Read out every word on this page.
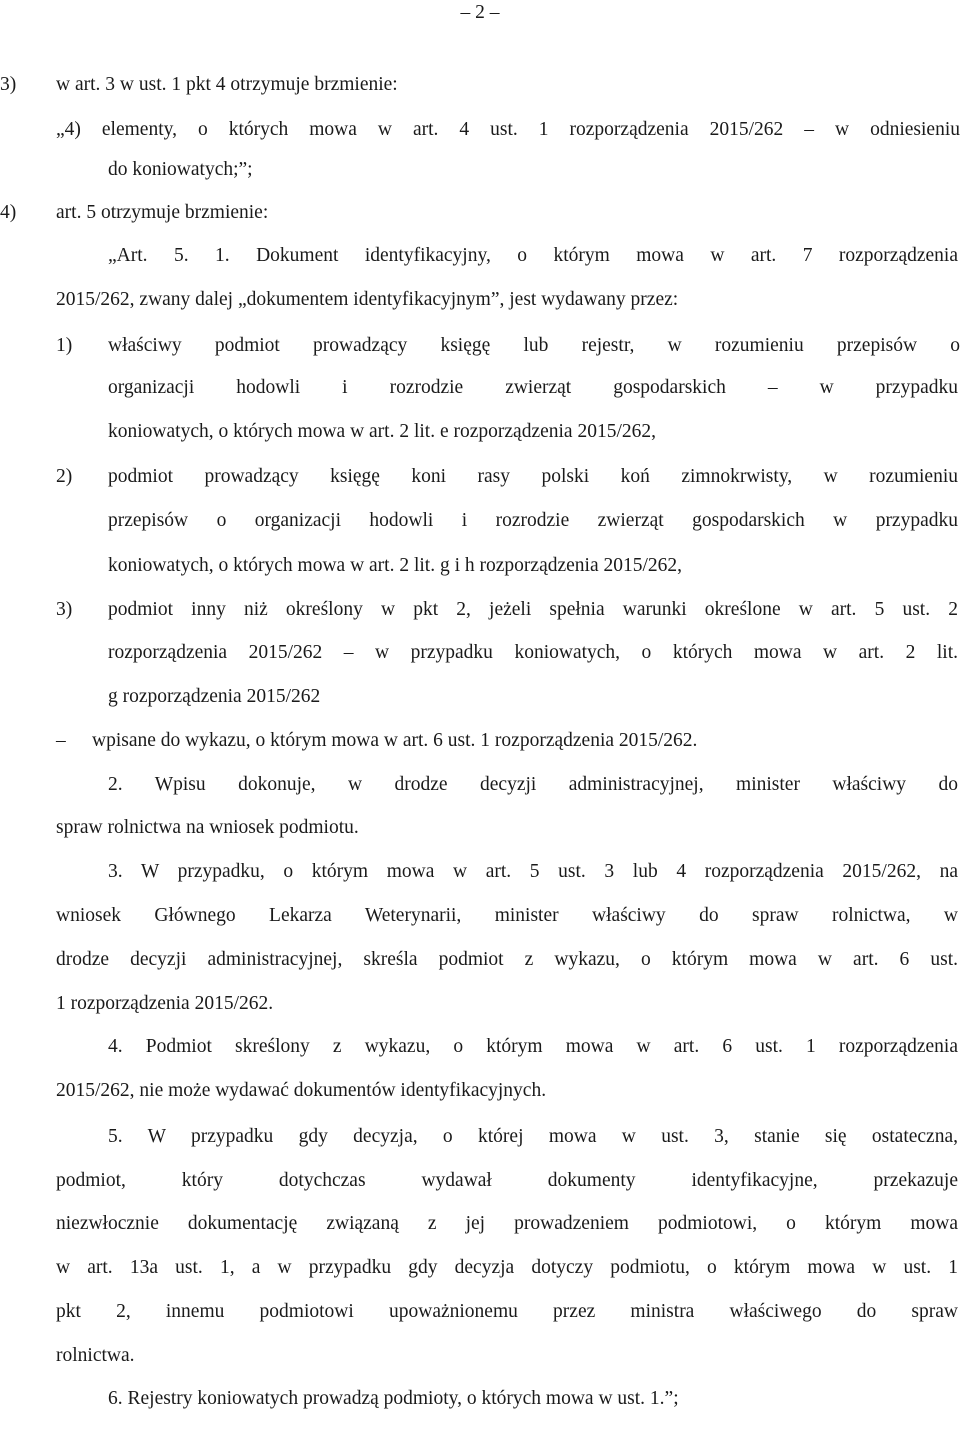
– 2 –
3) w art. 3 w ust. 1 pkt 4 otrzymuje brzmienie:
„4) elementy, o których mowa w art. 4 ust. 1 rozporządzenia 2015/262 – w odniesieniu
do koniowatych;”;
4) art. 5 otrzymuje brzmienie:
„Art. 5. 1. Dokument identyfikacyjny, o którym mowa w art. 7 rozporządzenia
2015/262, zwany dalej „dokumentem identyfikacyjnym”, jest wydawany przez:
1) właściwy podmiot prowadzący księgę lub rejestr, w rozumieniu przepisów o
organizacji hodowli i rozrodzie zwierząt gospodarskich – w przypadku
koniowatych, o których mowa w art. 2 lit. e rozporządzenia 2015/262,
2) podmiot prowadzący księgę koni rasy polski koń zimnokrwisty, w rozumieniu
przepisów o organizacji hodowli i rozrodzie zwierząt gospodarskich w przypadku
koniowatych, o których mowa w art. 2 lit. g i h rozporządzenia 2015/262,
3) podmiot inny niż określony w pkt 2, jeżeli spełnia warunki określone w art. 5 ust. 2
rozporządzenia 2015/262 – w przypadku koniowatych, o których mowa w art. 2 lit.
g rozporządzenia 2015/262
– wpisane do wykazu, o którym mowa w art. 6 ust. 1 rozporządzenia 2015/262.
2. Wpisu dokonuje, w drodze decyzji administracyjnej, minister właściwy do
spraw rolnictwa na wniosek podmiotu.
3. W przypadku, o którym mowa w art. 5 ust. 3 lub 4 rozporządzenia 2015/262, na
wniosek Głównego Lekarza Weterynarii, minister właściwy do spraw rolnictwa, w
drodze decyzji administracyjnej, skreśla podmiot z wykazu, o którym mowa w art. 6 ust.
1 rozporządzenia 2015/262.
4. Podmiot skreślony z wykazu, o którym mowa w art. 6 ust. 1 rozporządzenia
2015/262, nie może wydawać dokumentów identyfikacyjnych.
5. W przypadku gdy decyzja, o której mowa w ust. 3, stanie się ostateczna,
podmiot, który dotychczas wydawał dokumenty identyfikacyjne, przekazuje
niezwłocznie dokumentację związaną z jej prowadzeniem podmiotowi, o którym mowa
w art. 13a ust. 1, a w przypadku gdy decyzja dotyczy podmiotu, o którym mowa w ust. 1
pkt 2, innemu podmiotowi upoważnionemu przez ministra właściwego do spraw
rolnictwa.
6. Rejestry koniowatych prowadzą podmioty, o których mowa w ust. 1.”;
